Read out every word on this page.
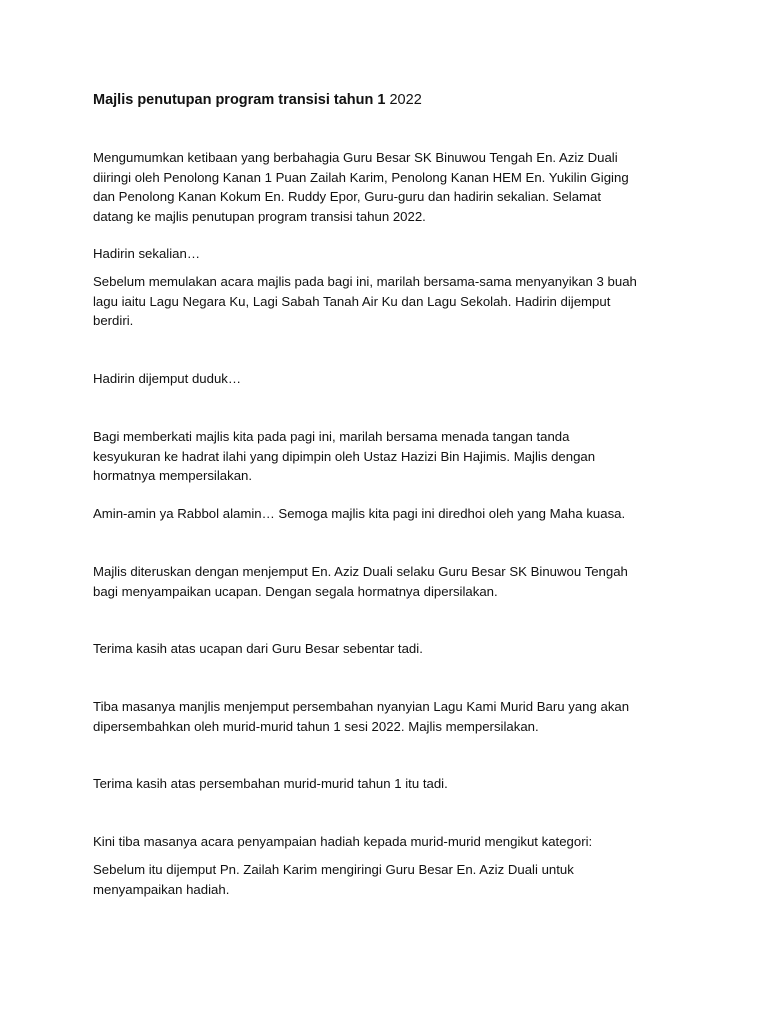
Majlis penutupan program transisi tahun 1 2022

Mengumumkan ketibaan yang berbahagia Guru Besar SK Binuwou Tengah En. Aziz Duali
diiringi oleh Penolong Kanan 1 Puan Zailah Karim, Penolong Kanan HEM En. Yukilin Giging
dan Penolong Kanan Kokum En. Ruddy Epor, Guru-guru dan hadirin sekalian. Selamat
datang ke majlis penutupan program transisi tahun 2022.

Hadirin sekalian…

Sebelum memulakan acara majlis pada bagi ini, marilah bersama-sama menyanyikan 3 buah
lagu iaitu Lagu Negara Ku, Lagi Sabah Tanah Air Ku dan Lagu Sekolah. Hadirin dijemput
berdiri.

Hadirin dijemput duduk…

Bagi memberkati majlis kita pada pagi ini, marilah bersama menada tangan tanda
kesyukuran ke hadrat ilahi yang dipimpin oleh Ustaz Hazizi Bin Hajimis. Majlis dengan
hormatnya mempersilakan.

Amin-amin ya Rabbol alamin… Semoga majlis kita pagi ini diredhoi oleh yang Maha kuasa.

Majlis diteruskan dengan menjemput En. Aziz Duali selaku Guru Besar SK Binuwou Tengah
bagi menyampaikan ucapan. Dengan segala hormatnya dipersilakan.

Terima kasih atas ucapan dari Guru Besar sebentar tadi.

Tiba masanya manjlis menjemput persembahan nyanyian Lagu Kami Murid Baru yang akan
dipersembahkan oleh murid-murid tahun 1 sesi 2022. Majlis mempersilakan.

Terima kasih atas persembahan murid-murid tahun 1 itu tadi.

Kini tiba masanya acara penyampaian hadiah kepada murid-murid mengikut kategori:

Sebelum itu dijemput Pn. Zailah Karim mengiringi Guru Besar En. Aziz Duali untuk
menyampaikan hadiah.
